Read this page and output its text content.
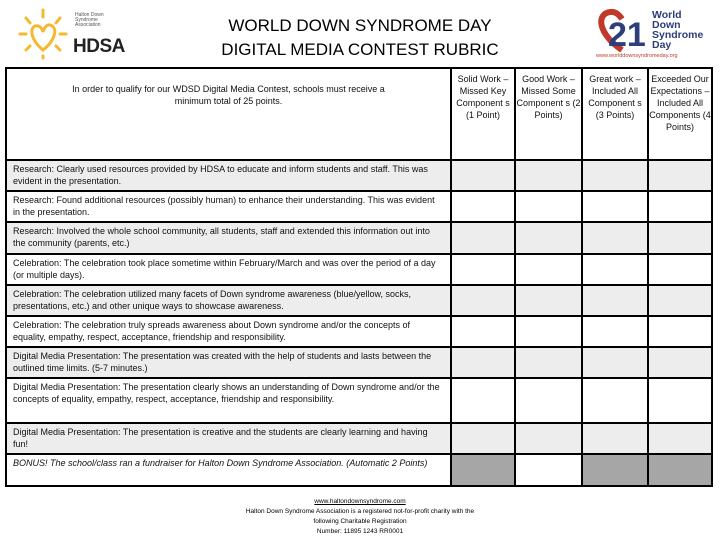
Halton Down Syndrome Association
HDSA
WORLD DOWN SYNDROME DAY
DIGITAL MEDIA CONTEST RUBRIC	21
World
Down
Syndrome
Day
www.worlddownsyndromeday.org
In order to qualify for our WDSD Digital Media Contest, schools must receive a minimum total of 25 points.	Solid Work – Missed Key Component s (1 Point)	Good Work – Missed Some Component s (2 Points)	Great work – Included All Component s (3 Points)	Exceeded Our Expectations – Included All Components (4 Points)
Research: Clearly used resources provided by HDSA to educate and inform students and staff. This was evident in the presentation.				
Research: Found additional resources (possibly human) to enhance their understanding. This was evident in the presentation.				
Research: Involved the whole school community, all students, staff and extended this information out into the community (parents, etc.)				
Celebration: The celebration took place sometime within February/March and was over the period of a day (or multiple days).				
Celebration: The celebration utilized many facets of Down syndrome awareness (blue/yellow, socks, presentations, etc.) and other unique ways to showcase awareness.				
Celebration: The celebration truly spreads awareness about Down syndrome and/or the concepts of equality, empathy, respect, acceptance, friendship and responsibility.				
Digital Media Presentation: The presentation was created with the help of students and lasts between the outlined time limits. (5-7 minutes.)				
Digital Media Presentation: The presentation clearly shows an understanding of Down syndrome and/or the concepts of equality, empathy, respect, acceptance, friendship and responsibility.				
Digital Media Presentation: The presentation is creative and the students are clearly learning and having fun!				
BONUS! The school/class ran a fundraiser for Halton Down Syndrome Association. (Automatic 2 Points)				
www.haltondownsyndrome.com
Halton Down Syndrome Association is a registered not-for-profit charity with the following Charitable Registration
Number: 11895 1243 RR0001
